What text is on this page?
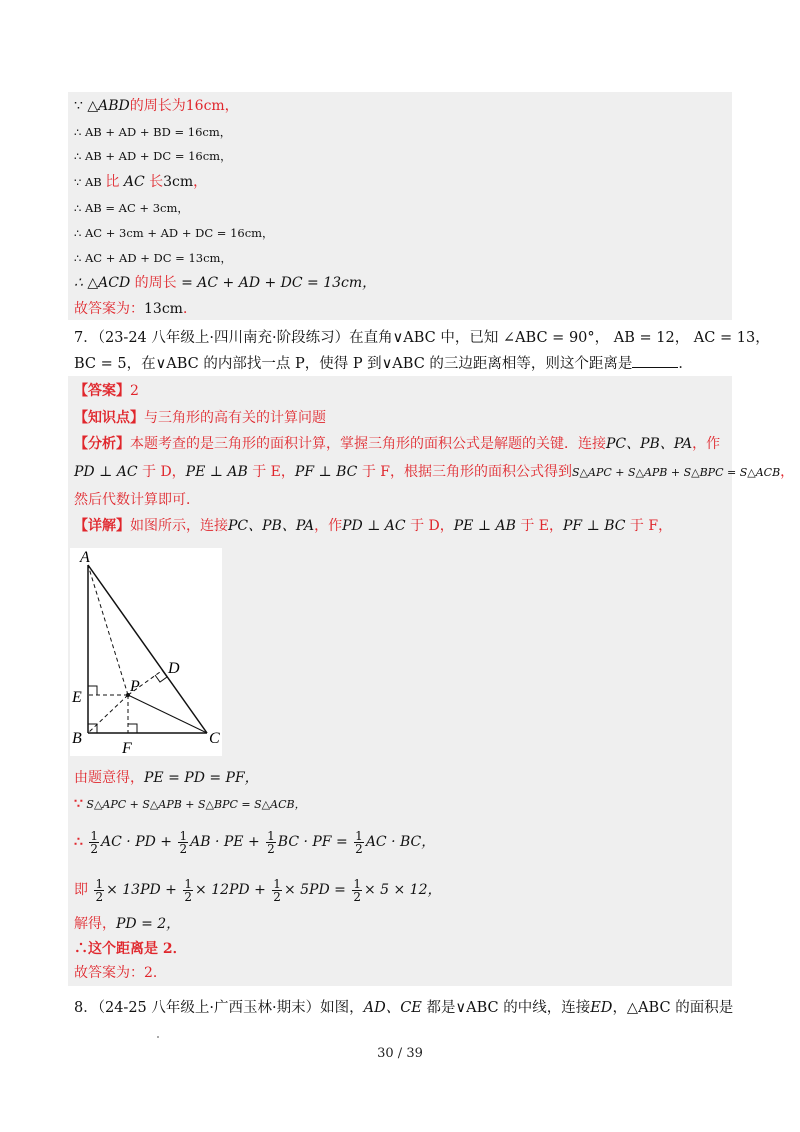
∵ △ABD的周长为16cm，
∴ AB + AD + BD = 16cm，
∴ AB + AD + DC = 16cm，
∵ AB 比 AC 长3cm，
∴ AB = AC + 3cm，
∴ AC + 3cm + AD + DC = 16cm，
∴ AC + AD + DC = 13cm，
∴ △ACD 的周长 = AC + AD + DC = 13cm，
故答案为：13cm．
7．（23-24 八年级上·四川南充·阶段练习）在直角∨ABC 中，已知 ∠ABC = 90°， AB = 12， AC = 13，
BC = 5，在∨ABC 的内部找一点 P，使得 P 到∨ABC 的三边距离相等，则这个距离是	．
【答案】2
【知识点】与三角形的高有关的计算问题
【分析】本题考查的是三角形的面积计算，掌握三角形的面积公式是解题的关键．连接PC、PB、PA，作
PD ⊥ AC 于 D，PE ⊥ AB 于 E，PF ⊥ BC 于 F，根据三角形的面积公式得到S△APC + S△APB + S△BPC = S△ACB，
然后代数计算即可．
【详解】如图所示，连接PC、PB、PA，作PD ⊥ AC 于 D，PE ⊥ AB 于 E，PF ⊥ BC 于 F，
由题意得，PE = PD = PF，
∵ S△APC + S△APB + S△BPC = S△ACB，
∴ $\frac{1}{2}$ AC · PD + $\frac{1}{2}$ AB · PE + $\frac{1}{2}$ BC · PF = $\frac{1}{2}$ AC · BC，
即 $\frac{1}{2} \times 13PD + \frac{1}{2} \times 12PD + \frac{1}{2} \times 5PD = \frac{1}{2} \times 5 \times 12$，
解得，PD = 2，
∴这个距离是 2．
故答案为：2．
A
B	C
D
E
F
P
8．（24-25 八年级上·广西玉林·期末）如图，AD、CE 都是∨ABC 的中线，连接ED，△ABC 的面积是
30 / 39
